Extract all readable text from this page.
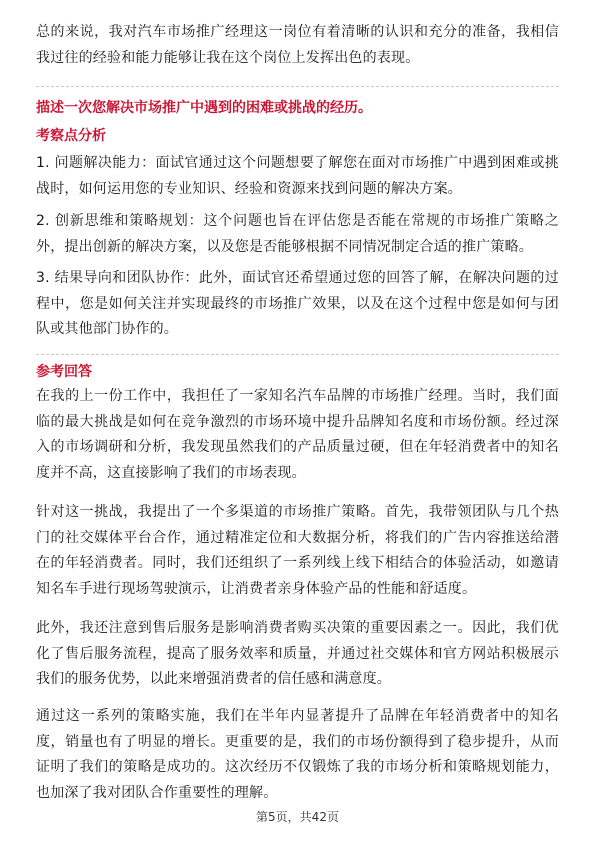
总的来说，我对汽车市场推广经理这一岗位有着清晰的认识和充分的准备，我相信我过往的经验和能力能够让我在这个岗位上发挥出色的表现。
描述一次您解决市场推广中遇到的困难或挑战的经历。
考察点分析
1. 问题解决能力：面试官通过这个问题想要了解您在面对市场推广中遇到困难或挑战时，如何运用您的专业知识、经验和资源来找到问题的解决方案。
2. 创新思维和策略规划：这个问题也旨在评估您是否能在常规的市场推广策略之外，提出创新的解决方案，以及您是否能够根据不同情况制定合适的推广策略。
3. 结果导向和团队协作：此外，面试官还希望通过您的回答了解，在解决问题的过程中，您是如何关注并实现最终的市场推广效果，以及在这个过程中您是如何与团队或其他部门协作的。
参考回答
在我的上一份工作中，我担任了一家知名汽车品牌的市场推广经理。当时，我们面临的最大挑战是如何在竞争激烈的市场环境中提升品牌知名度和市场份额。经过深入的市场调研和分析，我发现虽然我们的产品质量过硬，但在年轻消费者中的知名度并不高，这直接影响了我们的市场表现。
针对这一挑战，我提出了一个多渠道的市场推广策略。首先，我带领团队与几个热门的社交媒体平台合作，通过精准定位和大数据分析，将我们的广告内容推送给潜在的年轻消费者。同时，我们还组织了一系列线上线下相结合的体验活动，如邀请知名车手进行现场驾驶演示，让消费者亲身体验产品的性能和舒适度。
此外，我还注意到售后服务是影响消费者购买决策的重要因素之一。因此，我们优化了售后服务流程，提高了服务效率和质量，并通过社交媒体和官方网站积极展示我们的服务优势，以此来增强消费者的信任感和满意度。
通过这一系列的策略实施，我们在半年内显著提升了品牌在年轻消费者中的知名度，销量也有了明显的增长。更重要的是，我们的市场份额得到了稳步提升，从而证明了我们的策略是成功的。这次经历不仅锻炼了我的市场分析和策略规划能力，也加深了我对团队合作重要性的理解。
第5页，共42页
